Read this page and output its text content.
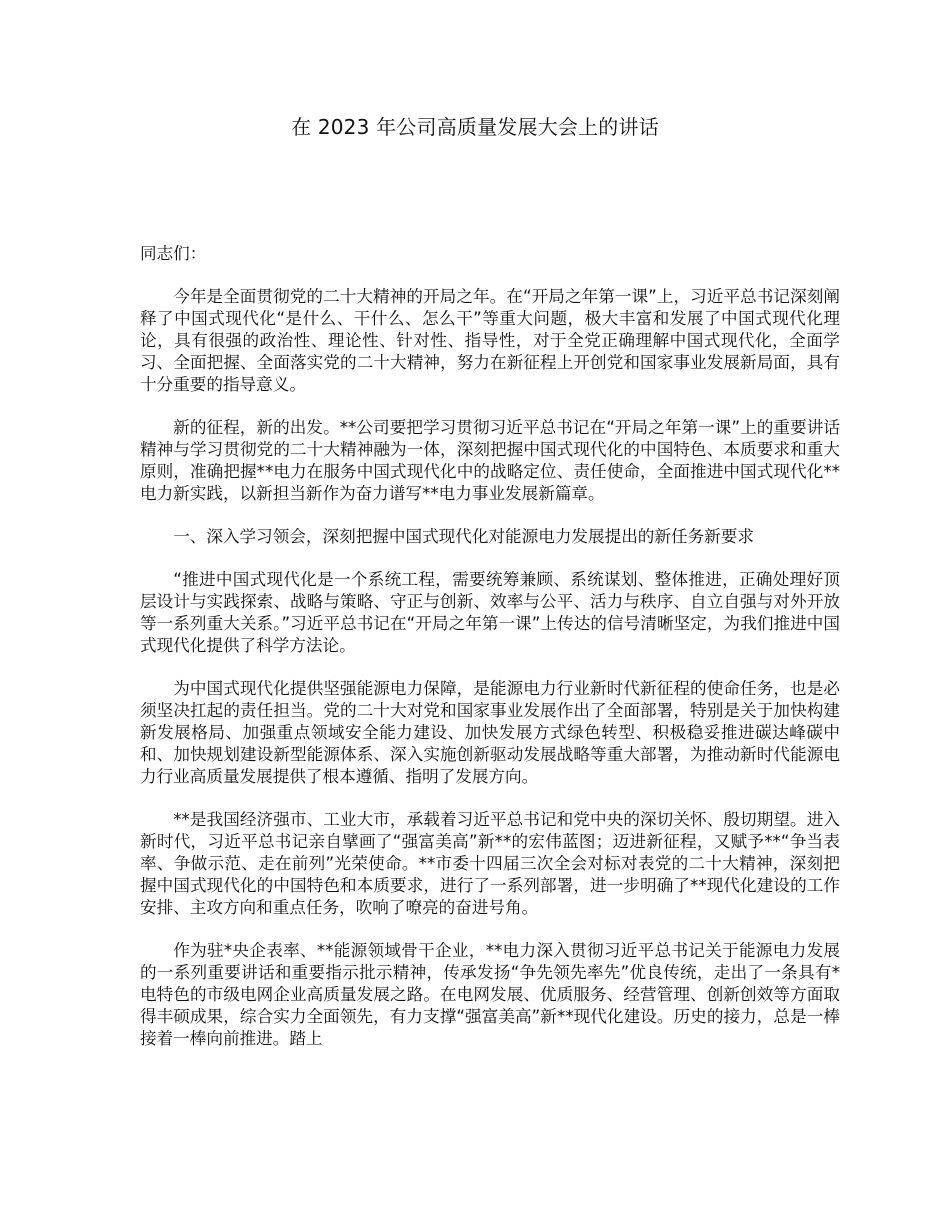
在 2023 年公司高质量发展大会上的讲话

同志们：

今年是全面贯彻党的二十大精神的开局之年。在“开局之年第一课”上，习近平总书记深刻阐释了中国式现代化“是什么、干什么、怎么干”等重大问题，极大丰富和发展了中国式现代化理论，具有很强的政治性、理论性、针对性、指导性，对于全党正确理解中国式现代化，全面学习、全面把握、全面落实党的二十大精神，努力在新征程上开创党和国家事业发展新局面，具有十分重要的指导意义。

新的征程，新的出发。**公司要把学习贯彻习近平总书记在“开局之年第一课”上的重要讲话精神与学习贯彻党的二十大精神融为一体，深刻把握中国式现代化的中国特色、本质要求和重大原则，准确把握**电力在服务中国式现代化中的战略定位、责任使命，全面推进中国式现代化**电力新实践，以新担当新作为奋力谱写**电力事业发展新篇章。

一、深入学习领会，深刻把握中国式现代化对能源电力发展提出的新任务新要求

“推进中国式现代化是一个系统工程，需要统筹兼顾、系统谋划、整体推进，正确处理好顶层设计与实践探索、战略与策略、守正与创新、效率与公平、活力与秩序、自立自强与对外开放等一系列重大关系。”习近平总书记在“开局之年第一课”上传达的信号清晰坚定，为我们推进中国式现代化提供了科学方法论。

为中国式现代化提供坚强能源电力保障，是能源电力行业新时代新征程的使命任务，也是必须坚决扛起的责任担当。党的二十大对党和国家事业发展作出了全面部署，特别是关于加快构建新发展格局、加强重点领域安全能力建设、加快发展方式绿色转型、积极稳妥推进碳达峰碳中和、加快规划建设新型能源体系、深入实施创新驱动发展战略等重大部署，为推动新时代能源电力行业高质量发展提供了根本遵循、指明了发展方向。

**是我国经济强市、工业大市，承载着习近平总书记和党中央的深切关怀、殷切期望。进入新时代，习近平总书记亲自擘画了“强富美高”新**的宏伟蓝图；迈进新征程，又赋予**“争当表率、争做示范、走在前列”光荣使命。**市委十四届三次全会对标对表党的二十大精神，深刻把握中国式现代化的中国特色和本质要求，进行了一系列部署，进一步明确了**现代化建设的工作安排、主攻方向和重点任务，吹响了嘹亮的奋进号角。

作为驻*央企表率、**能源领域骨干企业，**电力深入贯彻习近平总书记关于能源电力发展的一系列重要讲话和重要指示批示精神，传承发扬“争先领先率先”优良传统，走出了一条具有*电特色的市级电网企业高质量发展之路。在电网发展、优质服务、经营管理、创新创效等方面取得丰硕成果，综合实力全面领先，有力支撑“强富美高”新**现代化建设。历史的接力，总是一棒接着一棒向前推进。踏上
